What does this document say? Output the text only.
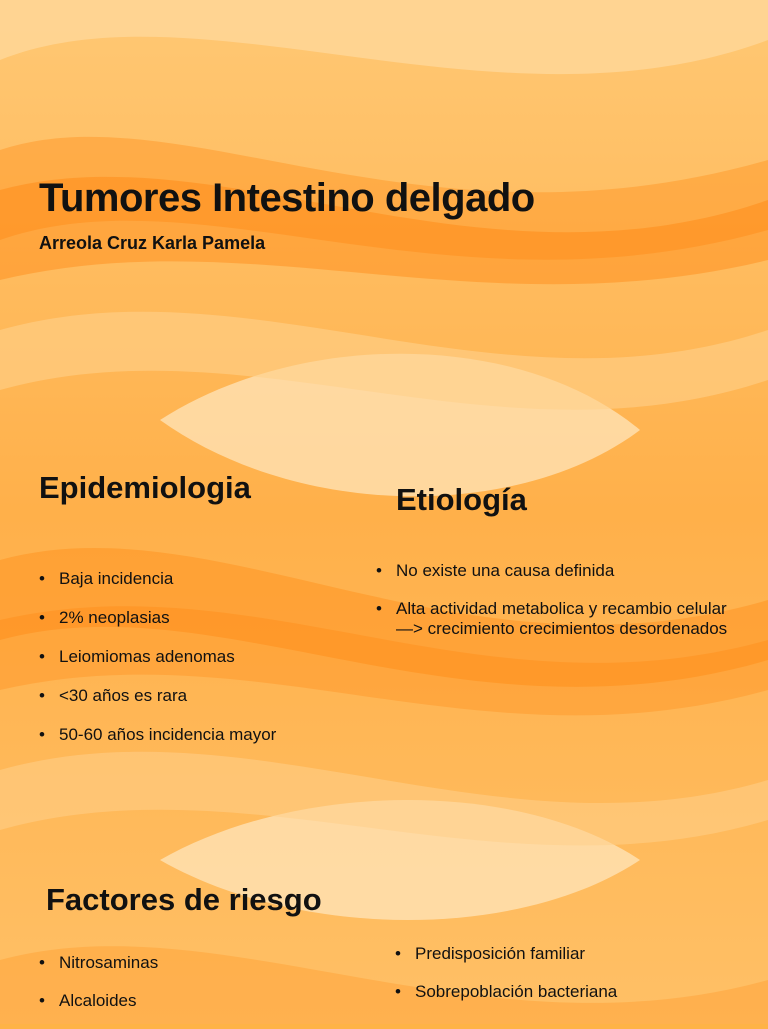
Tumores Intestino delgado
Arreola Cruz Karla Pamela
Epidemiologia
• Baja incidencia
• 2% neoplasias
• Leiomiomas adenomas
• <30 años es rara
• 50-60 años incidencia mayor
Etiología
• No existe una causa definida
• Alta actividad metabolica y recambio celular —> crecimiento crecimientos desordenados
Factores de riesgo
• Nitrosaminas
• Alcaloides
• Predisposición familiar
• Sobrepoblación bacteriana
